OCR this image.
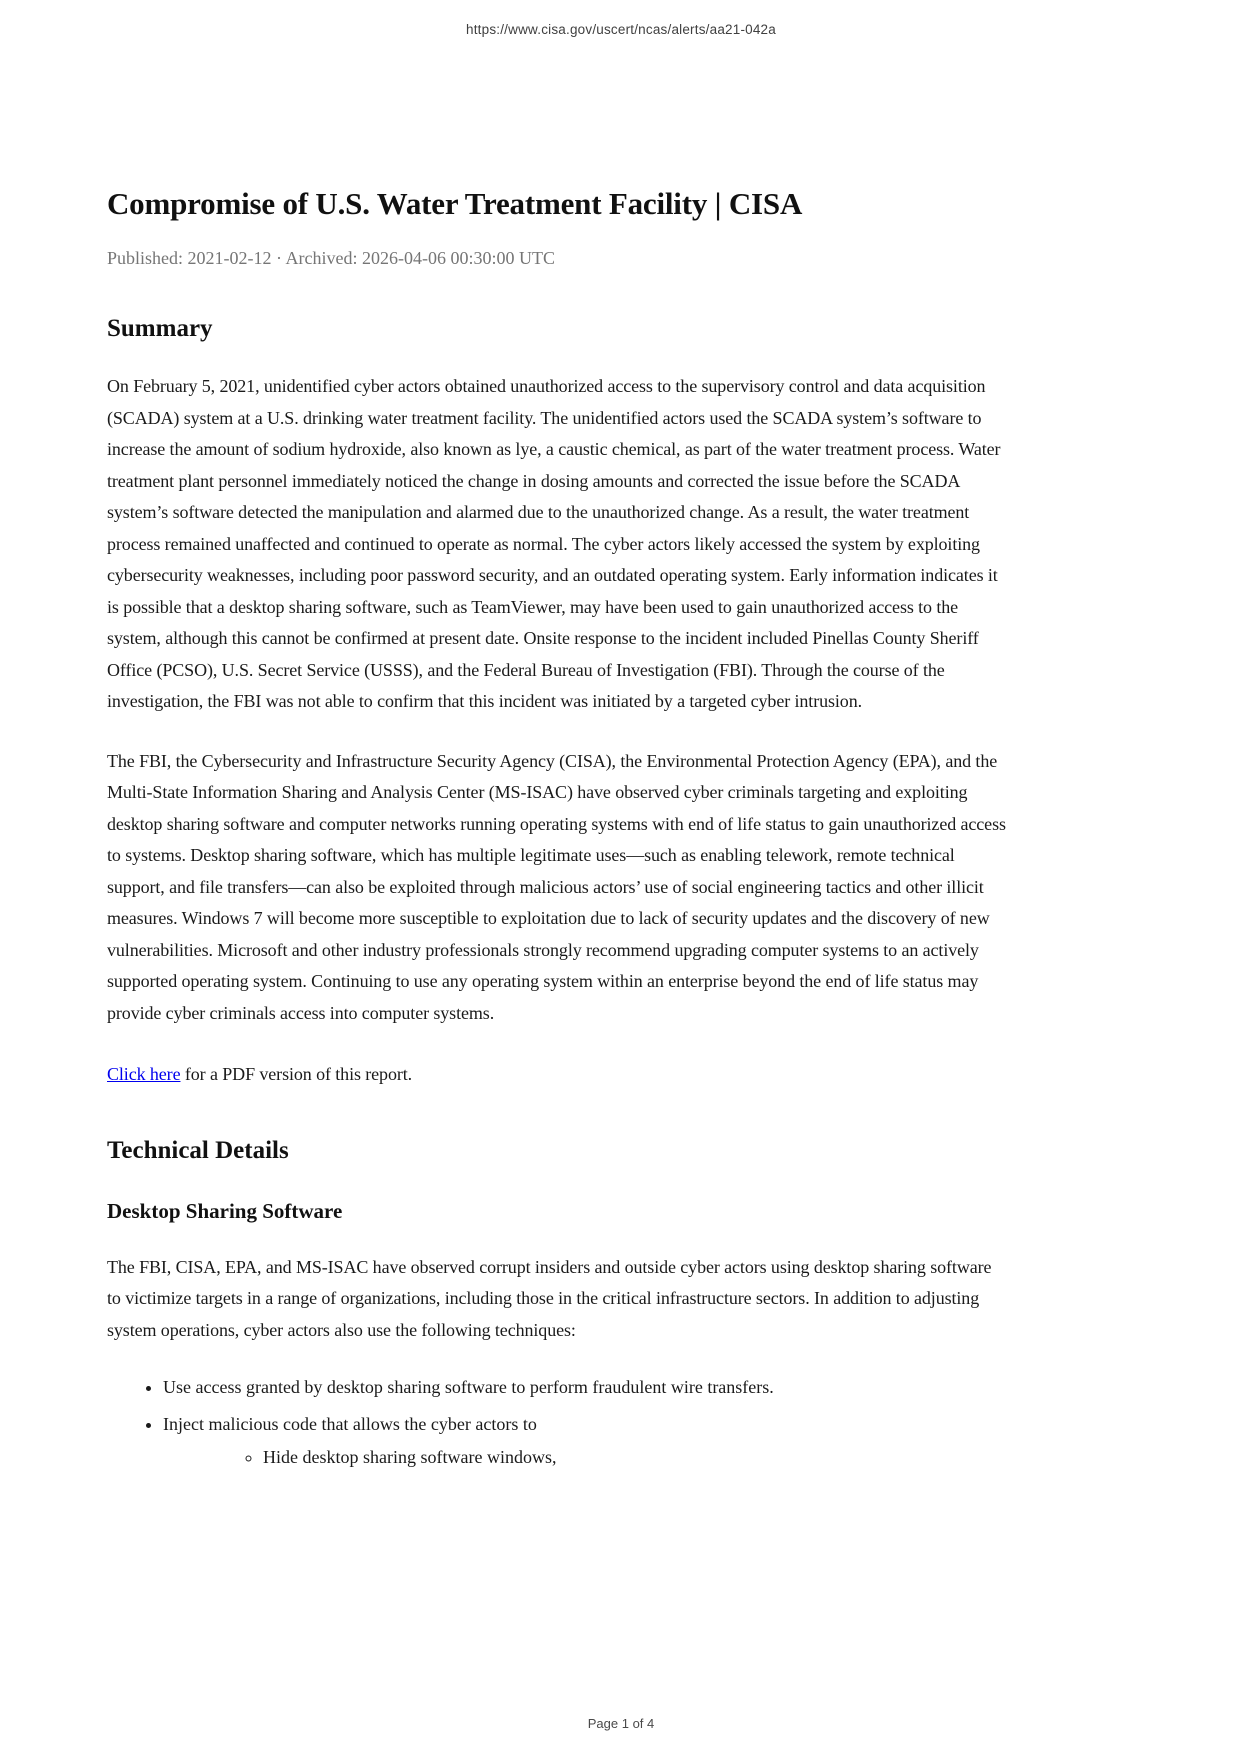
https://www.cisa.gov/uscert/ncas/alerts/aa21-042a
Compromise of U.S. Water Treatment Facility | CISA
Published: 2021-02-12 · Archived: 2026-04-06 00:30:00 UTC
Summary

On February 5, 2021, unidentified cyber actors obtained unauthorized access to the supervisory control and data acquisition (SCADA) system at a U.S. drinking water treatment facility. The unidentified actors used the SCADA system’s software to increase the amount of sodium hydroxide, also known as lye, a caustic chemical, as part of the water treatment process. Water treatment plant personnel immediately noticed the change in dosing amounts and corrected the issue before the SCADA system’s software detected the manipulation and alarmed due to the unauthorized change. As a result, the water treatment process remained unaffected and continued to operate as normal. The cyber actors likely accessed the system by exploiting cybersecurity weaknesses, including poor password security, and an outdated operating system. Early information indicates it is possible that a desktop sharing software, such as TeamViewer, may have been used to gain unauthorized access to the system, although this cannot be confirmed at present date. Onsite response to the incident included Pinellas County Sheriff Office (PCSO), U.S. Secret Service (USSS), and the Federal Bureau of Investigation (FBI). Through the course of the investigation, the FBI was not able to confirm that this incident was initiated by a targeted cyber intrusion.

The FBI, the Cybersecurity and Infrastructure Security Agency (CISA), the Environmental Protection Agency (EPA), and the Multi-State Information Sharing and Analysis Center (MS-ISAC) have observed cyber criminals targeting and exploiting desktop sharing software and computer networks running operating systems with end of life status to gain unauthorized access to systems. Desktop sharing software, which has multiple legitimate uses—such as enabling telework, remote technical support, and file transfers—can also be exploited through malicious actors’ use of social engineering tactics and other illicit measures. Windows 7 will become more susceptible to exploitation due to lack of security updates and the discovery of new vulnerabilities. Microsoft and other industry professionals strongly recommend upgrading computer systems to an actively supported operating system. Continuing to use any operating system within an enterprise beyond the end of life status may provide cyber criminals access into computer systems.

Click here for a PDF version of this report.

Technical Details
Desktop Sharing Software

The FBI, CISA, EPA, and MS-ISAC have observed corrupt insiders and outside cyber actors using desktop sharing software to victimize targets in a range of organizations, including those in the critical infrastructure sectors. In addition to adjusting system operations, cyber actors also use the following techniques:

• Use access granted by desktop sharing software to perform fraudulent wire transfers.
• Inject malicious code that allows the cyber actors to
◦ Hide desktop sharing software windows,
Page 1 of 4
